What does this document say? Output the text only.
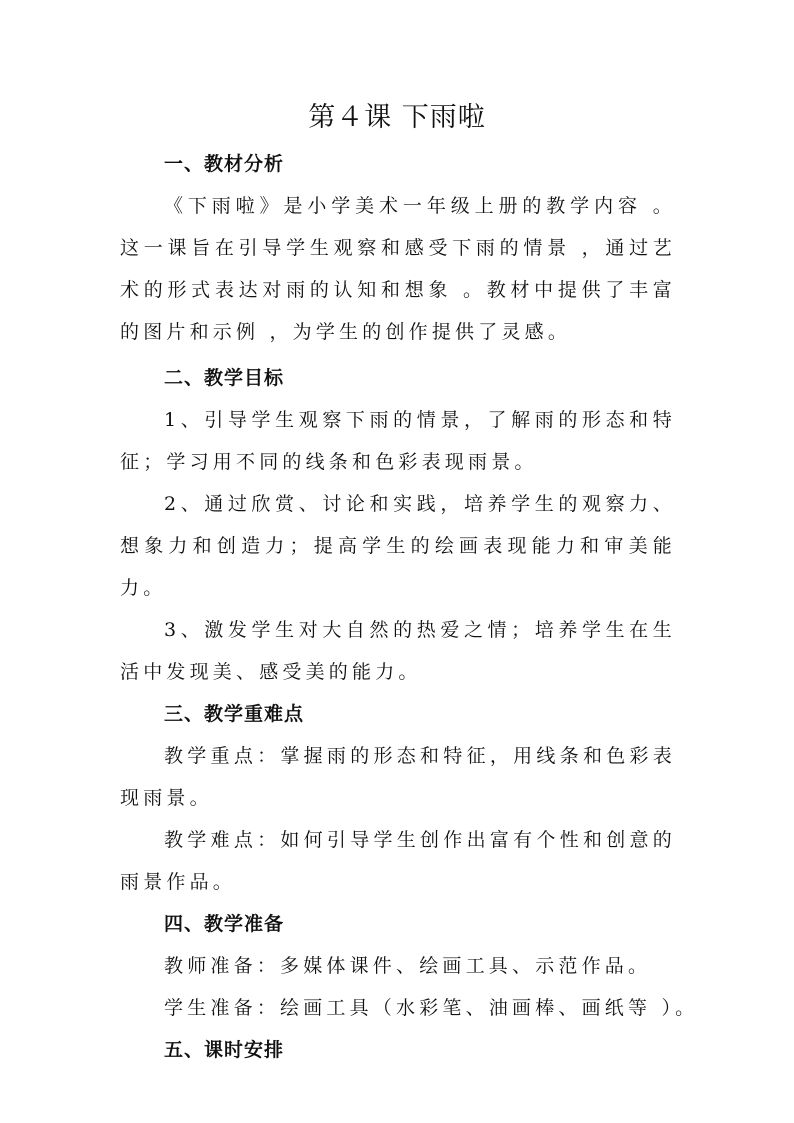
第４课 下雨啦
一、教材分析
《下雨啦》是小学美术一年级上册的教学内容 。这一课旨在引导学生观察和感受下雨的情景 ，通过艺术的形式表达对雨的认知和想象 。教材中提供了丰富的图片和示例 ，为学生的创作提供了灵感。
二、教学目标
1、引导学生观察下雨的情景，了解雨的形态和特征；学习用不同的线条和色彩表现雨景。
2、通过欣赏、讨论和实践，培养学生的观察力、想象力和创造力；提高学生的绘画表现能力和审美能力。
3、激发学生对大自然的热爱之情；培养学生在生活中发现美、感受美的能力。
三、教学重难点
教学重点：掌握雨的形态和特征，用线条和色彩表现雨景。
教学难点：如何引导学生创作出富有个性和创意的雨景作品。
四、教学准备
教师准备：多媒体课件、绘画工具、示范作品。
学生准备：绘画工具（水彩笔、油画棒、画纸等 ）。
五、课时安排
